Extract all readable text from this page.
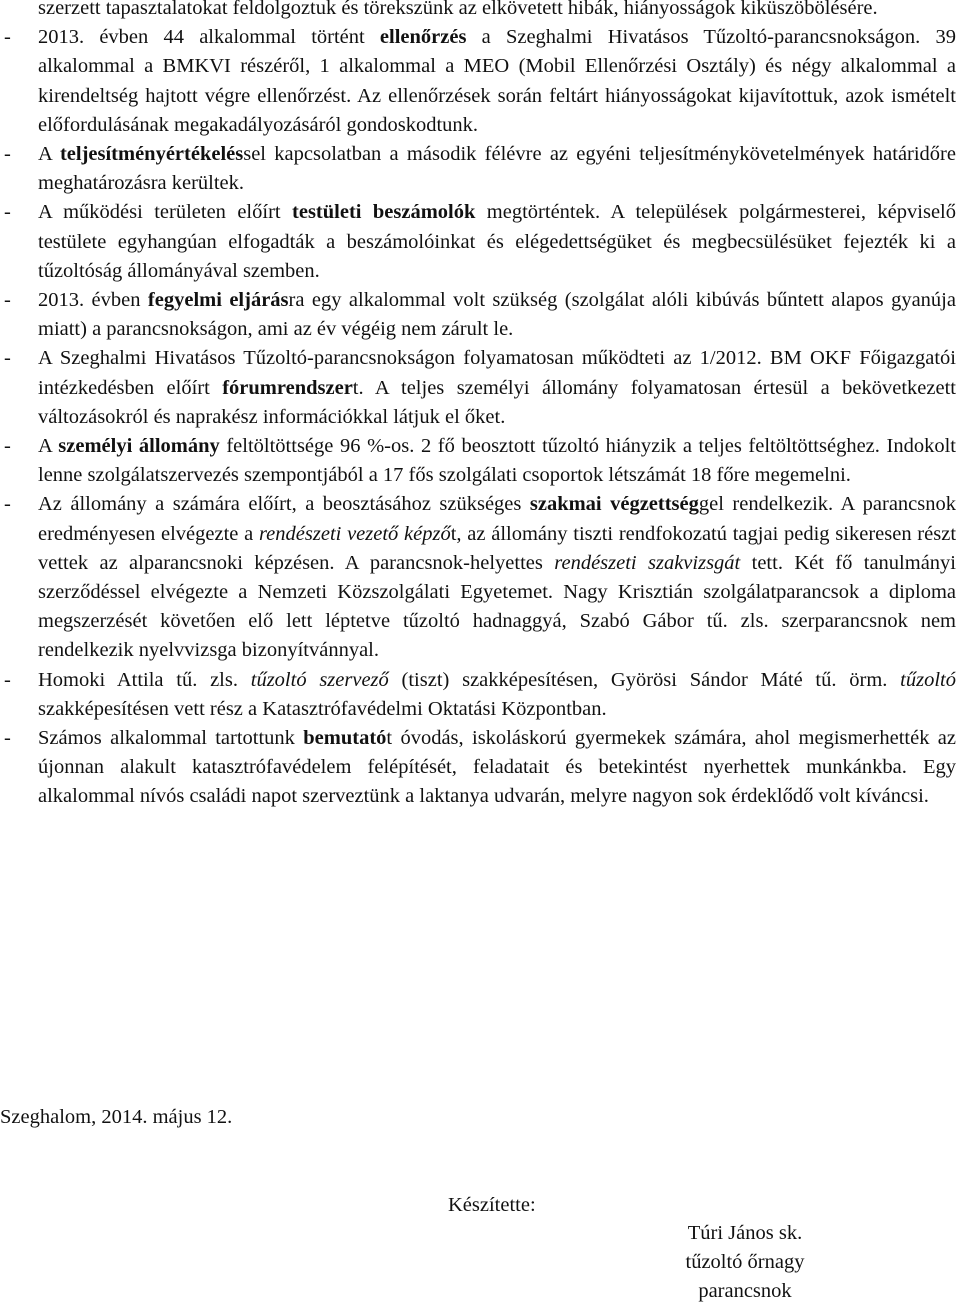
szerzett tapasztalatokat feldolgoztuk és törekszünk az elkövetett hibák, hiányosságok kiküszöbölésére.

- 2013. évben 44 alkalommal történt ellenőrzés a Szeghalmi Hivatásos Tűzoltó-parancsnokságon. 39 alkalommal a BMKVI részéről, 1 alkalommal a MEO (Mobil Ellenőrzési Osztály) és négy alkalommal a kirendeltség hajtott végre ellenőrzést. Az ellenőrzések során feltárt hiányosságokat kijavítottuk, azok ismételt előfordulásának megakadályozásáról gondoskodtunk.

- A teljesítményértékeléssel kapcsolatban a második félévre az egyéni teljesítménykövetelmények határidőre meghatározásra kerültek.

- A működési területen előírt testületi beszámolók megtörténtek. A települések polgármesterei, képviselő testülete egyhangúan elfogadták a beszámolóinkat és elégedettségüket és megbecsülésüket fejezték ki a tűzoltóság állományával szemben.

- 2013. évben fegyelmi eljárásra egy alkalommal volt szükség (szolgálat alóli kibúvás bűntett alapos gyanúja miatt) a parancsnokságon, ami az év végéig nem zárult le.

- A Szeghalmi Hivatásos Tűzoltó-parancsnokságon folyamatosan működteti az 1/2012. BM OKF Főigazgatói intézkedésben előírt fórumrendszert. A teljes személyi állomány folyamatosan értesül a bekövetkezett változásokról és naprakész információkkal látjuk el őket.

- A személyi állomány feltöltöttsége 96 %-os. 2 fő beosztott tűzoltó hiányzik a teljes feltöltöttséghez. Indokolt lenne szolgálatszervezés szempontjából a 17 fős szolgálati csoportok létszámát 18 főre megemelni.

- Az állomány a számára előírt, a beosztásához szükséges szakmai végzettséggel rendelkezik. A parancsnok eredményesen elvégezte a rendészeti vezető képzőt, az állomány tiszti rendfokozatú tagjai pedig sikeresen részt vettek az alparancsnoki képzésen. A parancsnok-helyettes rendészeti szakvizsgát tett. Két fő tanulmányi szerződéssel elvégezte a Nemzeti Közszolgálati Egyetemet. Nagy Krisztián szolgálatparancsok a diploma megszerzését követően elő lett léptetve tűzoltó hadnaggyá, Szabó Gábor tű. zls. szerparancsnok nem rendelkezik nyelvvizsga bizonyítvánnyal.

- Homoki Attila tű. zls. tűzoltó szervező (tiszt) szakképesítésen, Györösi Sándor Máté tű. örm. tűzoltó szakképesítésen vett rész a Katasztrófavédelmi Oktatási Központban.

- Számos alkalommal tartottunk bemutatót óvodás, iskoláskorú gyermekek számára, ahol megismerhették az újonnan alakult katasztrófavédelem felépítését, feladatait és betekintést nyerhettek munkánkba. Egy alkalommal nívós családi napot szerveztünk a laktanya udvarán, melyre nagyon sok érdeklődő volt kíváncsi.

Szeghalom, 2014. május 12.
Készítette:
Túri János sk.
tűzoltó őrnagy
parancsnok
